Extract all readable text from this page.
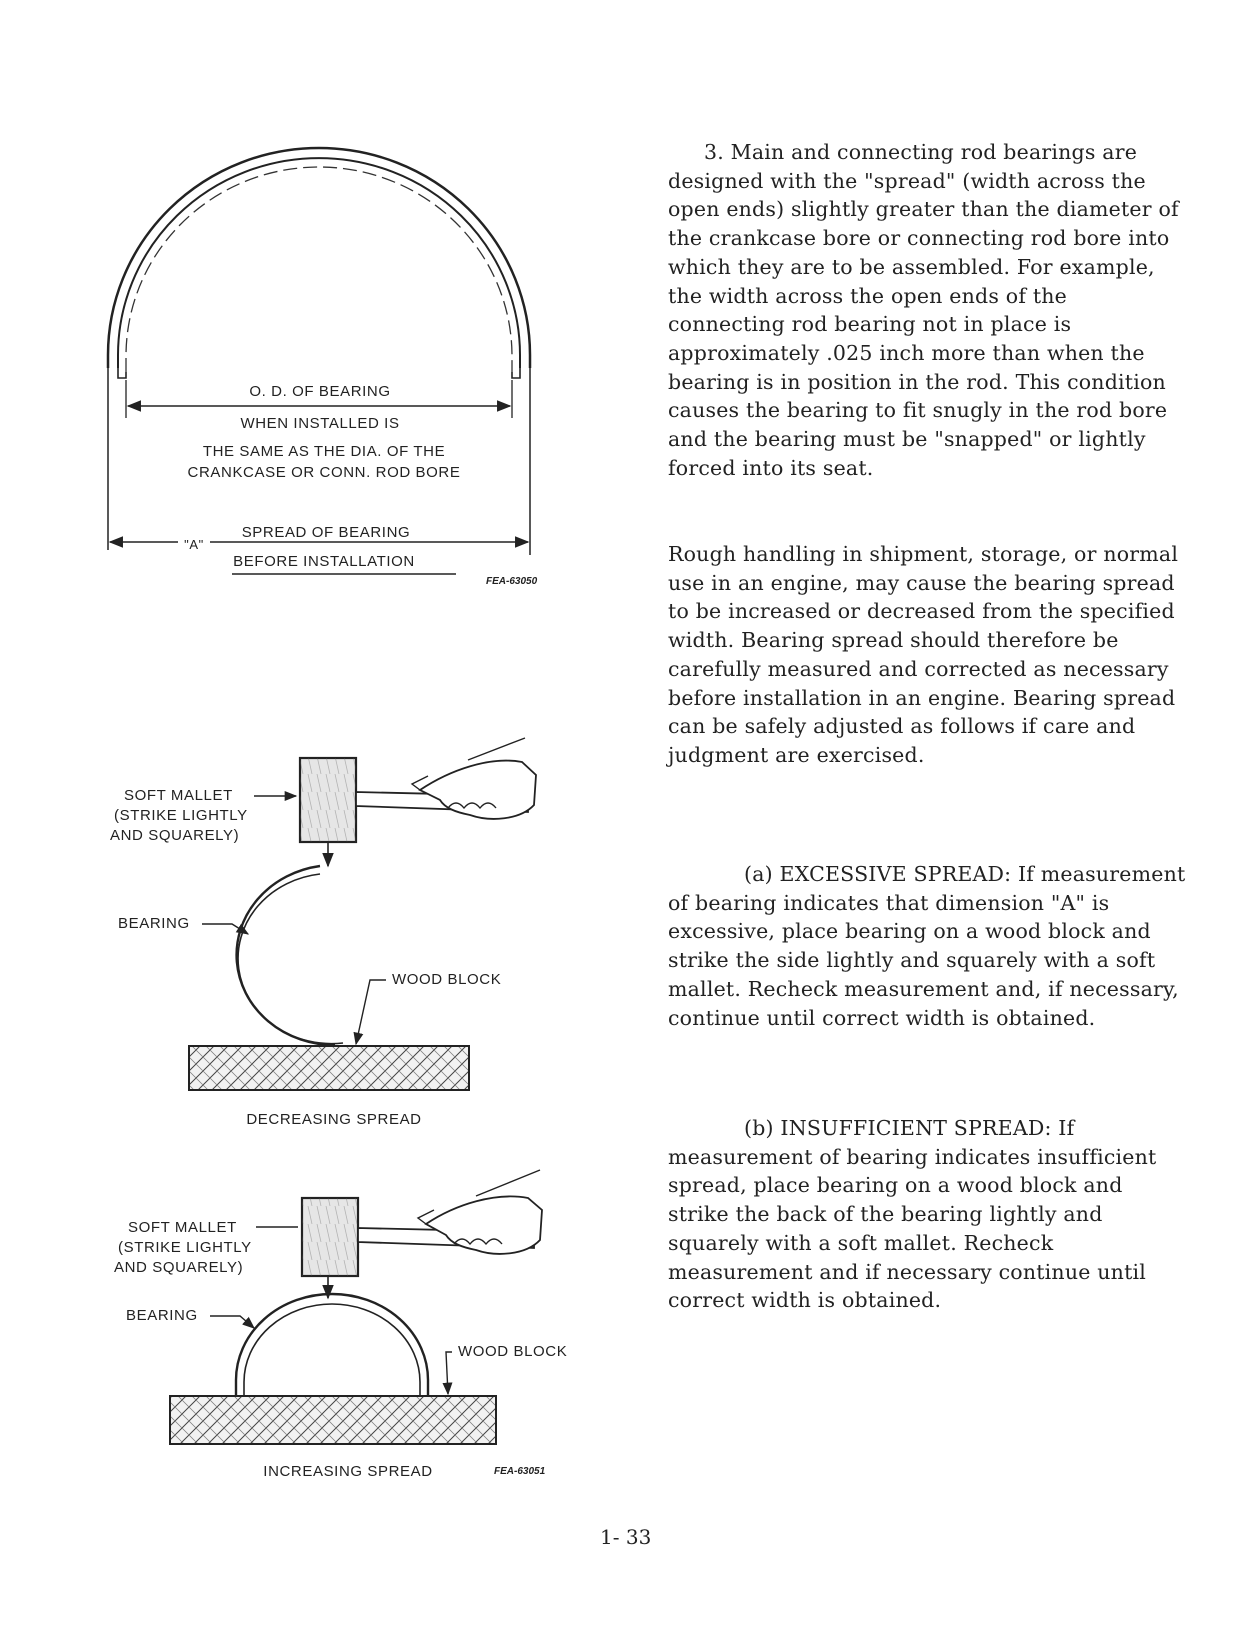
O. D. OF BEARING
WHEN INSTALLED IS
THE SAME AS THE DIA. OF THE
CRANKCASE OR CONN. ROD BORE
"A"
SPREAD OF BEARING
BEFORE INSTALLATION
FEA-63050
SOFT MALLET
(STRIKE LIGHTLY
AND SQUARELY)
BEARING
WOOD BLOCK
DECREASING SPREAD
SOFT MALLET
(STRIKE LIGHTLY
AND SQUARELY)
BEARING
WOOD BLOCK
INCREASING SPREAD	FEA-63051

3. Main and connecting rod bearings are designed with the "spread" (width across the open ends) slightly greater than the diameter of the crankcase bore or connecting rod bore into which they are to be assembled. For example, the width across the open ends of the connecting rod bearing not in place is approximately .025 inch more than when the bearing is in position in the rod. This condition causes the bearing to fit snugly in the rod bore and the bearing must be "snapped" or lightly forced into its seat.

Rough handling in shipment, storage, or normal use in an engine, may cause the bearing spread to be increased or decreased from the specified width. Bearing spread should therefore be carefully measured and corrected as necessary before installation in an engine. Bearing spread can be safely adjusted as follows if care and judgment are exercised.

(a) EXCESSIVE SPREAD: If measurement of bearing indicates that dimension "A" is excessive, place bearing on a wood block and strike the side lightly and squarely with a soft mallet. Recheck measurement and, if necessary, continue until correct width is obtained.

(b) INSUFFICIENT SPREAD: If measurement of bearing indicates insufficient spread, place bearing on a wood block and strike the back of the bearing lightly and squarely with a soft mallet. Recheck measurement and if necessary continue until correct width is obtained.

1- 33
